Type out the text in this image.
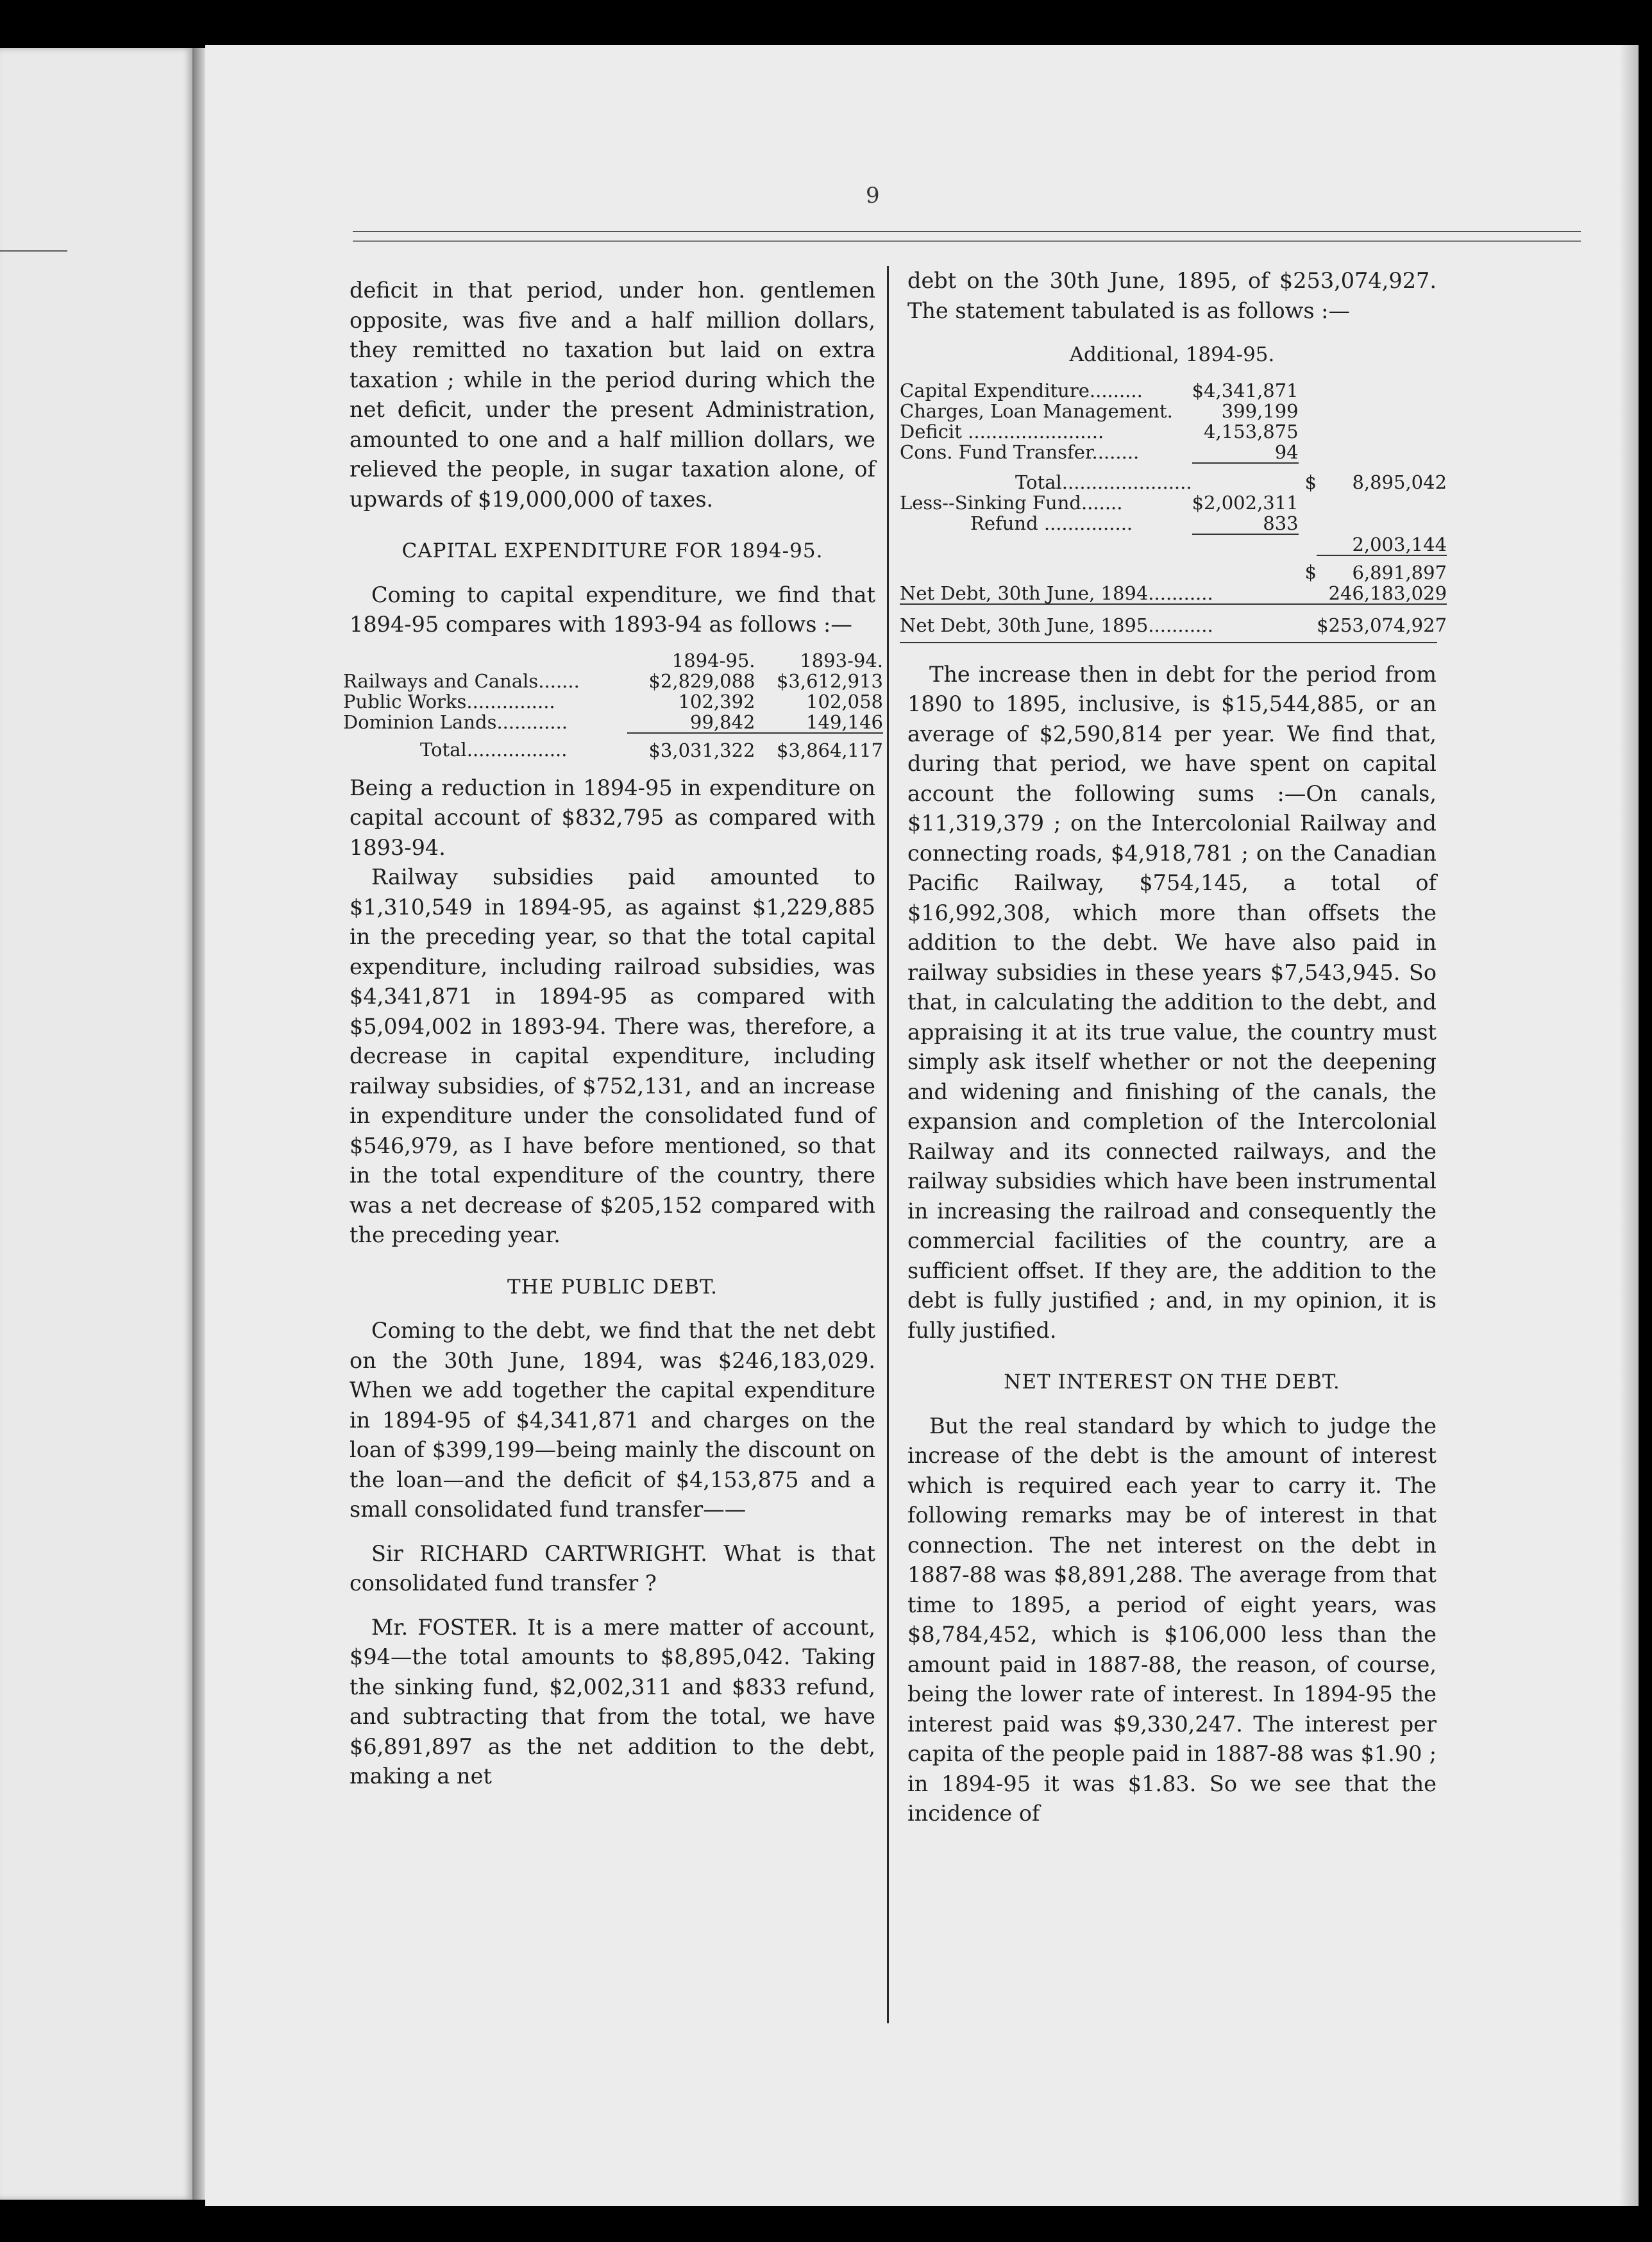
9

deficit in that period, under hon. gentlemen opposite, was five and a half million dollars, they remitted no taxation but laid on extra taxation ; while in the period during which the net deficit, under the present Administration, amounted to one and a half million dollars, we relieved the people, in sugar taxation alone, of upwards of $19,000,000 of taxes.

CAPITAL EXPENDITURE FOR 1894-95.

Coming to capital expenditure, we find that 1894-95 compares with 1893-94 as follows :—

	1894-95.	1893-94.
Railways and Canals.......	$2,829,088	$3,612,913
Public Works...............	102,392	102,058
Dominion Lands............	99,842	149,146
Total.................	$3,031,322	$3,864,117

Being a reduction in 1894-95 in expenditure on capital account of $832,795 as compared with 1893-94.

Railway subsidies paid amounted to $1,310,549 in 1894-95, as against $1,229,885 in the preceding year, so that the total capital expenditure, including railroad subsidies, was $4,341,871 in 1894-95 as compared with $5,094,002 in 1893-94. There was, therefore, a decrease in capital expenditure, including railway subsidies, of $752,131, and an increase in expenditure under the consolidated fund of $546,979, as I have before mentioned, so that in the total expenditure of the country, there was a net decrease of $205,152 compared with the preceding year.

THE PUBLIC DEBT.

Coming to the debt, we find that the net debt on the 30th June, 1894, was $246,183,029. When we add together the capital expenditure in 1894-95 of $4,341,871 and charges on the loan of $399,199—being mainly the discount on the loan—and the deficit of $4,153,875 and a small consolidated fund transfer——

Sir RICHARD CARTWRIGHT. What is that consolidated fund transfer ?

Mr. FOSTER. It is a mere matter of account, $94—the total amounts to $8,895,042. Taking the sinking fund, $2,002,311 and $833 refund, and subtracting that from the total, we have $6,891,897 as the net addition to the debt, making a net

debt on the 30th June, 1895, of $253,074,927. The statement tabulated is as follows :—

Additional, 1894-95.
Capital Expenditure.........	$4,341,871		
Charges, Loan Management.	399,199		
Deficit .......................	4,153,875		
Cons. Fund Transfer........	94		
Total......................		$	8,895,042
Less--Sinking Fund.......	$2,002,311		
Refund ...............	833		
			2,003,144
		$	6,891,897
Net Debt, 30th June, 1894...........			246,183,029
Net Debt, 30th June, 1895...........			$253,074,927

The increase then in debt for the period from 1890 to 1895, inclusive, is $15,544,885, or an average of $2,590,814 per year. We find that, during that period, we have spent on capital account the following sums :—On canals, $11,319,379 ; on the Intercolonial Railway and connecting roads, $4,918,781 ; on the Canadian Pacific Railway, $754,145, a total of $16,992,308, which more than offsets the addition to the debt. We have also paid in railway subsidies in these years $7,543,945. So that, in calculating the addition to the debt, and appraising it at its true value, the country must simply ask itself whether or not the deepening and widening and finishing of the canals, the expansion and completion of the Intercolonial Railway and its connected railways, and the railway subsidies which have been instrumental in increasing the railroad and consequently the commercial facilities of the country, are a sufficient offset. If they are, the addition to the debt is fully justified ; and, in my opinion, it is fully justified.

NET INTEREST ON THE DEBT.

But the real standard by which to judge the increase of the debt is the amount of interest which is required each year to carry it. The following remarks may be of interest in that connection. The net interest on the debt in 1887-88 was $8,891,288. The average from that time to 1895, a period of eight years, was $8,784,452, which is $106,000 less than the amount paid in 1887-88, the reason, of course, being the lower rate of interest. In 1894-95 the interest paid was $9,330,247. The interest per capita of the people paid in 1887-88 was $1.90 ; in 1894-95 it was $1.83. So we see that the incidence of
